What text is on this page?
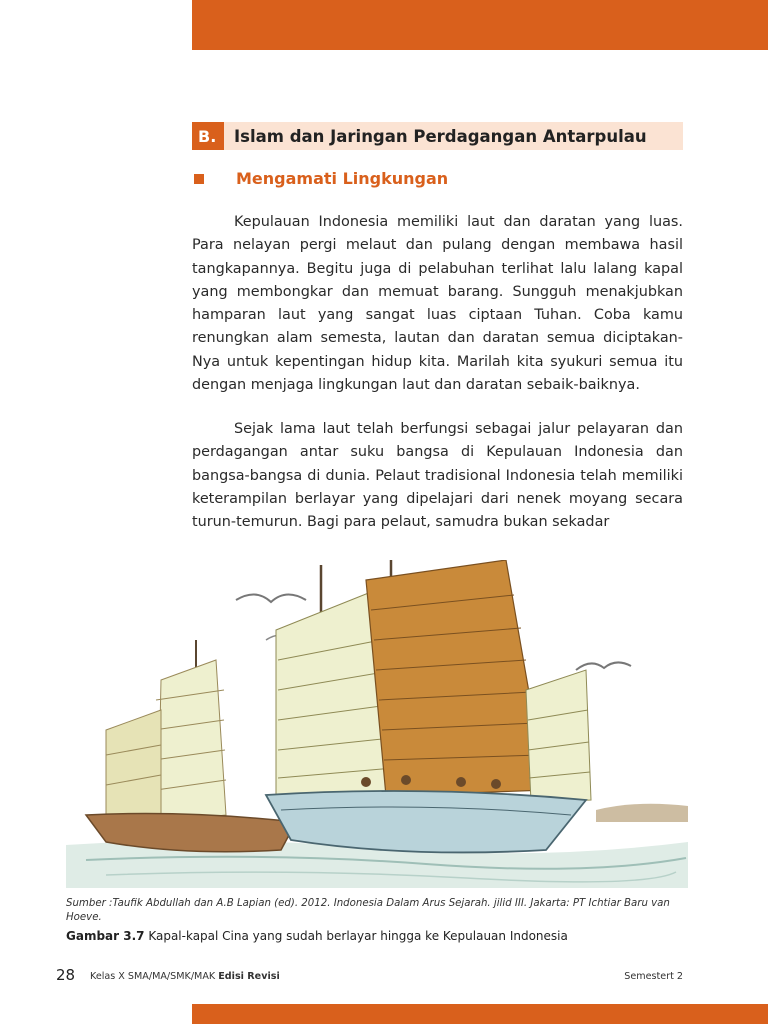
B.	Islam dan Jaringan Perdagangan Antarpulau
Mengamati Lingkungan

Kepulauan Indonesia memiliki laut dan daratan yang luas. Para nelayan pergi melaut dan pulang dengan membawa hasil tangkapannya. Begitu juga di pelabuhan terlihat lalu lalang kapal yang membongkar dan memuat barang. Sungguh menakjubkan hamparan laut yang sangat luas ciptaan Tuhan. Coba kamu renungkan alam semesta, lautan dan daratan semua diciptakan-Nya untuk kepentingan hidup kita. Marilah kita syukuri semua itu dengan menjaga lingkungan laut dan daratan sebaik-baiknya.

Sejak lama laut telah berfungsi sebagai jalur pelayaran dan perdagangan antar suku bangsa di Kepulauan Indonesia dan bangsa-bangsa di dunia. Pelaut tradisional Indonesia telah memiliki keterampilan berlayar yang dipelajari dari nenek moyang secara turun-temurun. Bagi para pelaut, samudra bukan sekadar

Sumber :Taufik Abdullah dan A.B Lapian (ed). 2012. Indonesia Dalam Arus Sejarah. jilid III. Jakarta: PT Ichtiar Baru van Hoeve.

Gambar 3.7 Kapal-kapal Cina yang sudah berlayar hingga ke Kepulauan Indonesia

28 Kelas X SMA/MA/SMK/MAK Edisi Revisi	Semestert 2
